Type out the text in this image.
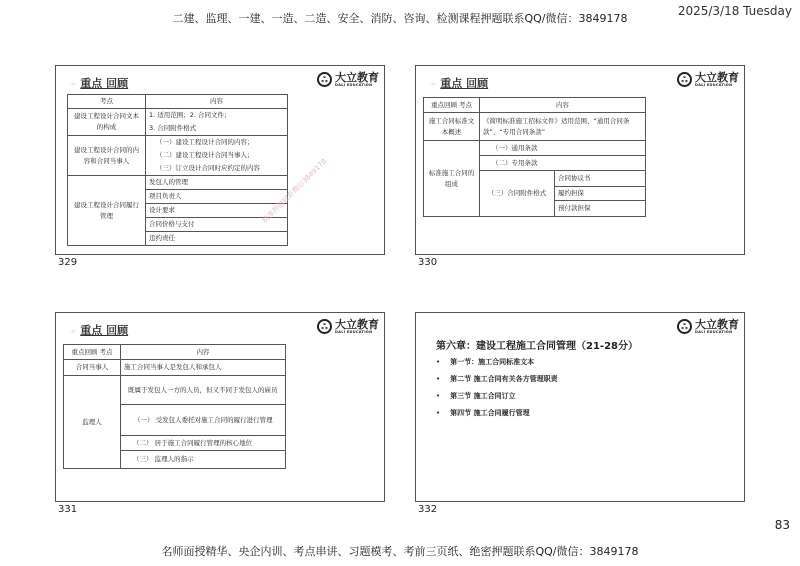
二建、监理、一建、一造、二造、安全、消防、咨询、检测课程押题联系QQ/微信：3849178
2025/3/18 Tuesday
☞ 重点 回顾	ஃ 大立教育
DALI EDUCATION
考点	内容
建设工程设计合同文本的构成	1. 适用范围；2. 合同文件；
	3. 合同附件格式
建设工程设计合同的内容和合同当事人	（一）建设工程设计合同的内容；
	（二）建设工程设计合同当事人；
	（三）订立设计合同时应约定的内容
建设工程设计合同履行管理	发包人的管理
	项目负责人
	设计要求
	合同价格与支付
	违约责任
精准押题联系微信3849178
329
☞ 重点 回顾	ஃ 大立教育
DALI EDUCATION
重点回顾 考点	内容	
施工合同标准文本概述	《简明标准施工招标文件》适用范围、“通用合同条款”、“专用合同条款”	
标准施工合同的组成	（一）通用条款	
	（二）专用条款	
	（三）合同附件格式	合同协议书
		履约担保
		预付款担保
330
☞ 重点 回顾	ஃ 大立教育
DALI EDUCATION
重点回顾 考点	内容
合同当事人	施工合同当事人是发包人和承包人
监理人	既属于发包人一方的人员，但又不同于发包人的雇员
	（一） 受发包人委托对施工合同的履行进行管理
	（二） 居于施工合同履行管理的核心地位
	（三） 监理人的指示
331
ஃ 大立教育
DALI EDUCATION
第六章：建设工程施工合同管理（21-28分）
• 第一节：施工合同标准文本
• 第二节 施工合同有关各方管理职责
• 第三节 施工合同订立
• 第四节 施工合同履行管理
332
83
名师面授精华、央企内训、考点串讲、习题模考、考前三页纸、绝密押题联系QQ/微信：3849178
